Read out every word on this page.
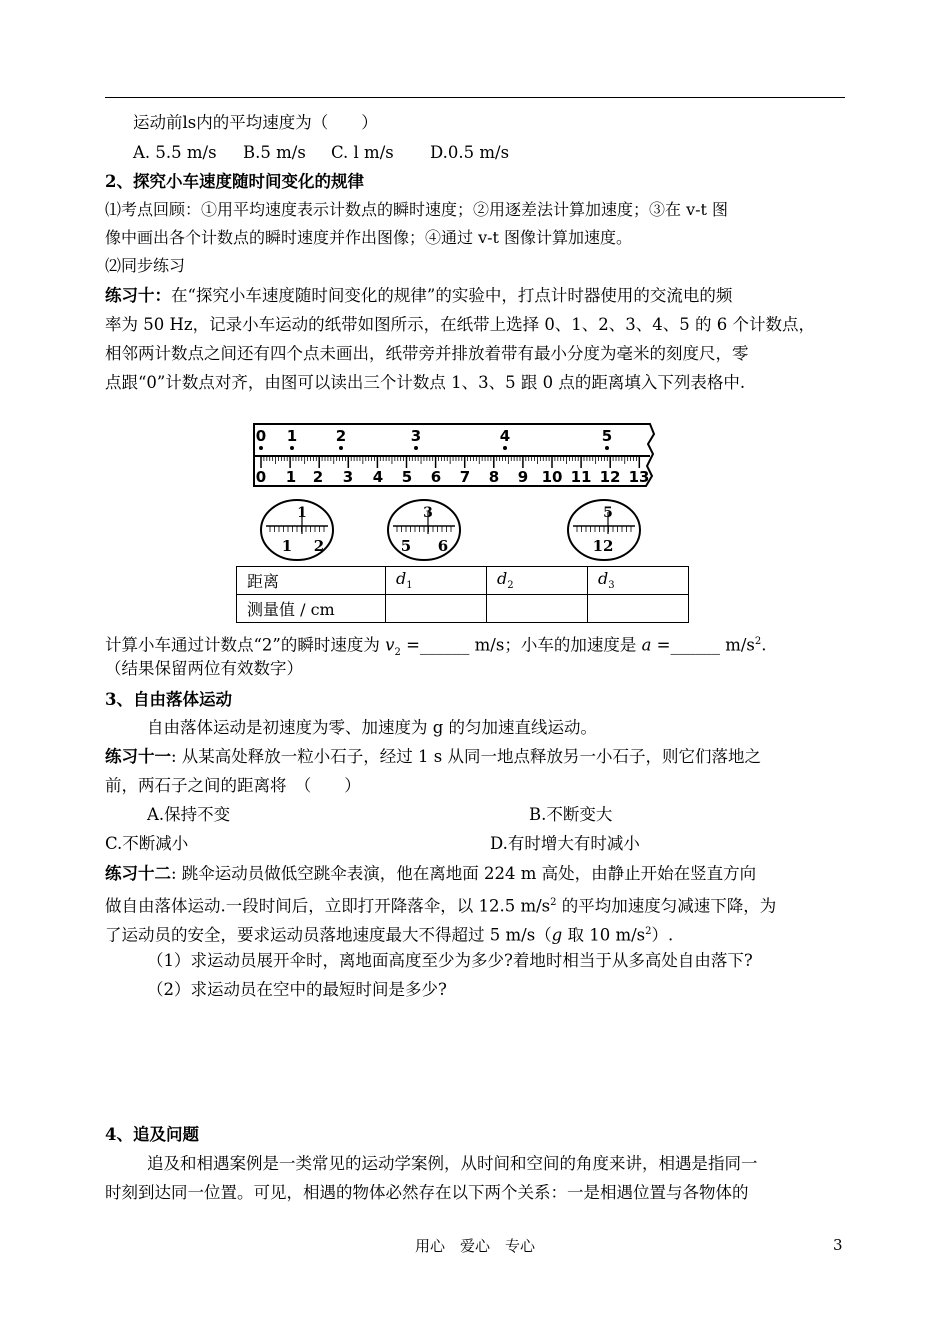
运动前ls内的平均速度为（　　）
A. 5.5 m/s B.5 m/s C. l m/s D.0.5 m/s
2、探究小车速度随时间变化的规律
⑴考点回顾：①用平均速度表示计数点的瞬时速度；②用逐差法计算加速度；③在 v-t 图
像中画出各个计数点的瞬时速度并作出图像；④通过 v-t 图像计算加速度。
⑵同步练习
练习十：在“探究小车速度随时间变化的规律”的实验中，打点计时器使用的交流电的频
率为 50 Hz，记录小车运动的纸带如图所示，在纸带上选择 0、1、2、3、4、5 的 6 个计数点，
相邻两计数点之间还有四个点未画出，纸带旁并排放着带有最小分度为毫米的刻度尺，零
点跟“0”计数点对齐，由图可以读出三个计数点 1、3、5 跟 0 点的距离填入下列表格中.
0 1	2	3	4	5
0 1 2 3 4 5 6 7 8 9 10 11 12 13
1
1 2
3
5 6
5
12
距离	$d_1$	$d_2$	$d_3$
测量值 / cm			
计算小车通过计数点“2”的瞬时速度为 $v_2$ =______ m/s；小车的加速度是 a =______ $m/s^2$.
（结果保留两位有效数字）
3、自由落体运动
自由落体运动是初速度为零、加速度为 g 的匀加速直线运动。
练习十一: 从某高处释放一粒小石子，经过 1 s 从同一地点释放另一小石子，则它们落地之
前，两石子之间的距离将　（　　）
A.保持不变	B.不断变大
C.不断减小	D.有时增大有时减小
练习十二: 跳伞运动员做低空跳伞表演，他在离地面 224 m 高处，由静止开始在竖直方向
做自由落体运动.一段时间后，立即打开降落伞，以 12.5 $m/s^2$ 的平均加速度匀减速下降，为
了运动员的安全，要求运动员落地速度最大不得超过 5 m/s（g 取 10 $m/s^2$）.
（1）求运动员展开伞时，离地面高度至少为多少?着地时相当于从多高处自由落下?
（2）求运动员在空中的最短时间是多少?
4、追及问题
追及和相遇案例是一类常见的运动学案例，从时间和空间的角度来讲，相遇是指同一
时刻到达同一位置。可见，相遇的物体必然存在以下两个关系：一是相遇位置与各物体的
用心　爱心　专心	3
